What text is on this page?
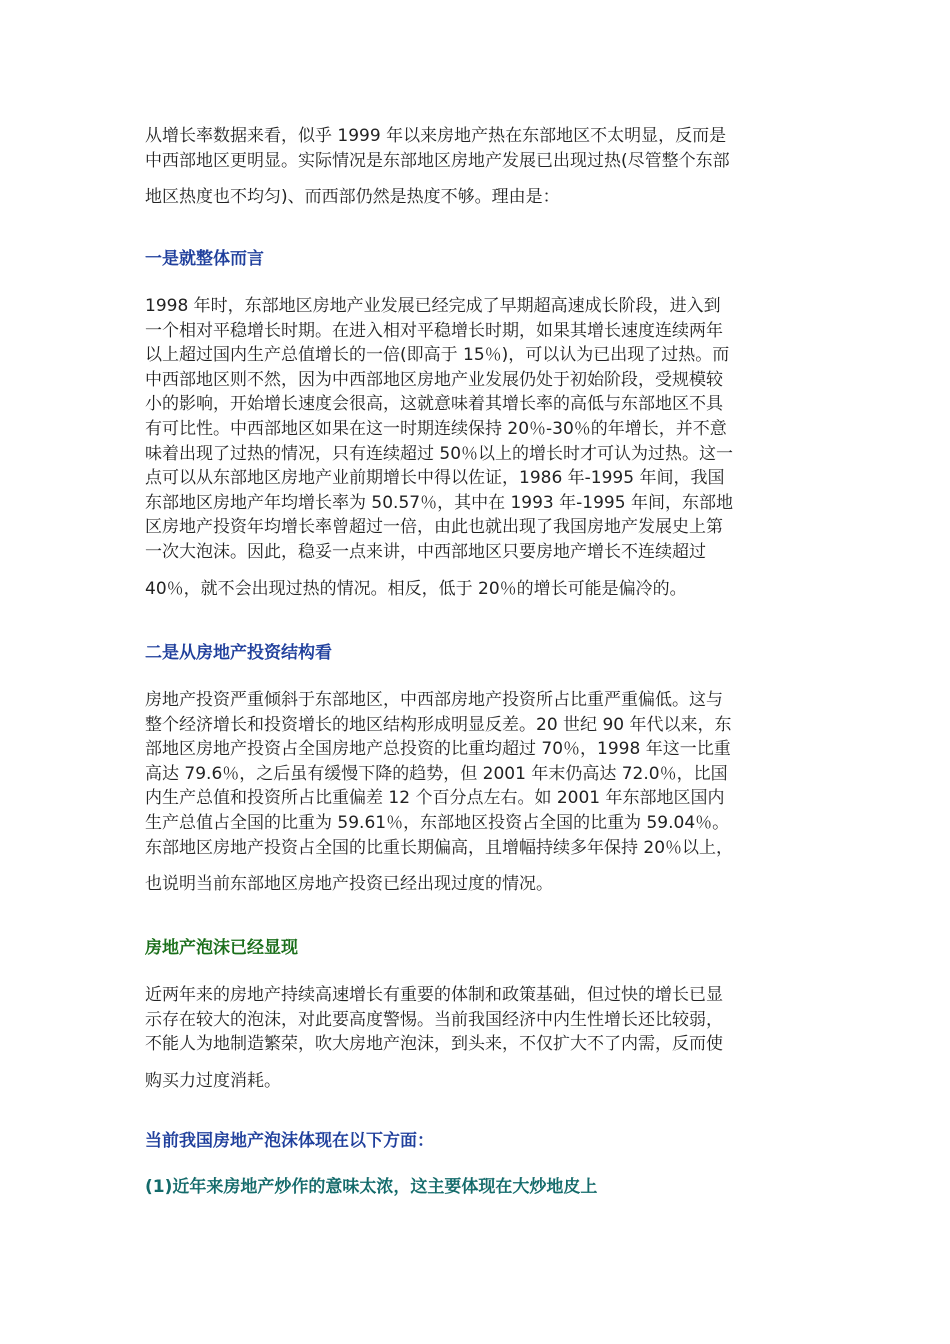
从增长率数据来看，似乎 1999 年以来房地产热在东部地区不太明显，反而是
中西部地区更明显。实际情况是东部地区房地产发展已出现过热(尽管整个东部
地区热度也不均匀)、而西部仍然是热度不够。理由是：
一是就整体而言
1998 年时，东部地区房地产业发展已经完成了早期超高速成长阶段，进入到
一个相对平稳增长时期。在进入相对平稳增长时期，如果其增长速度连续两年
以上超过国内生产总值增长的一倍(即高于 15％)，可以认为已出现了过热。而
中西部地区则不然，因为中西部地区房地产业发展仍处于初始阶段，受规模较
小的影响，开始增长速度会很高，这就意味着其增长率的高低与东部地区不具
有可比性。中西部地区如果在这一时期连续保持 20％-30％的年增长，并不意
味着出现了过热的情况，只有连续超过 50％以上的增长时才可认为过热。这一
点可以从东部地区房地产业前期增长中得以佐证，1986 年-1995 年间，我国
东部地区房地产年均增长率为 50.57％，其中在 1993 年-1995 年间，东部地
区房地产投资年均增长率曾超过一倍，由此也就出现了我国房地产发展史上第
一次大泡沫。因此，稳妥一点来讲，中西部地区只要房地产增长不连续超过
40％，就不会出现过热的情况。相反，低于 20％的增长可能是偏冷的。
二是从房地产投资结构看
房地产投资严重倾斜于东部地区，中西部房地产投资所占比重严重偏低。这与
整个经济增长和投资增长的地区结构形成明显反差。20 世纪 90 年代以来，东
部地区房地产投资占全国房地产总投资的比重均超过 70％，1998 年这一比重
高达 79.6％，之后虽有缓慢下降的趋势，但 2001 年末仍高达 72.0％，比国
内生产总值和投资所占比重偏差 12 个百分点左右。如 2001 年东部地区国内
生产总值占全国的比重为 59.61％，东部地区投资占全国的比重为 59.04％。
东部地区房地产投资占全国的比重长期偏高，且增幅持续多年保持 20％以上，
也说明当前东部地区房地产投资已经出现过度的情况。
房地产泡沫已经显现
近两年来的房地产持续高速增长有重要的体制和政策基础，但过快的增长已显
示存在较大的泡沫，对此要高度警惕。当前我国经济中内生性增长还比较弱，
不能人为地制造繁荣，吹大房地产泡沫，到头来，不仅扩大不了内需，反而使
购买力过度消耗。
当前我国房地产泡沫体现在以下方面：
(1)近年来房地产炒作的意味太浓，这主要体现在大炒地皮上
